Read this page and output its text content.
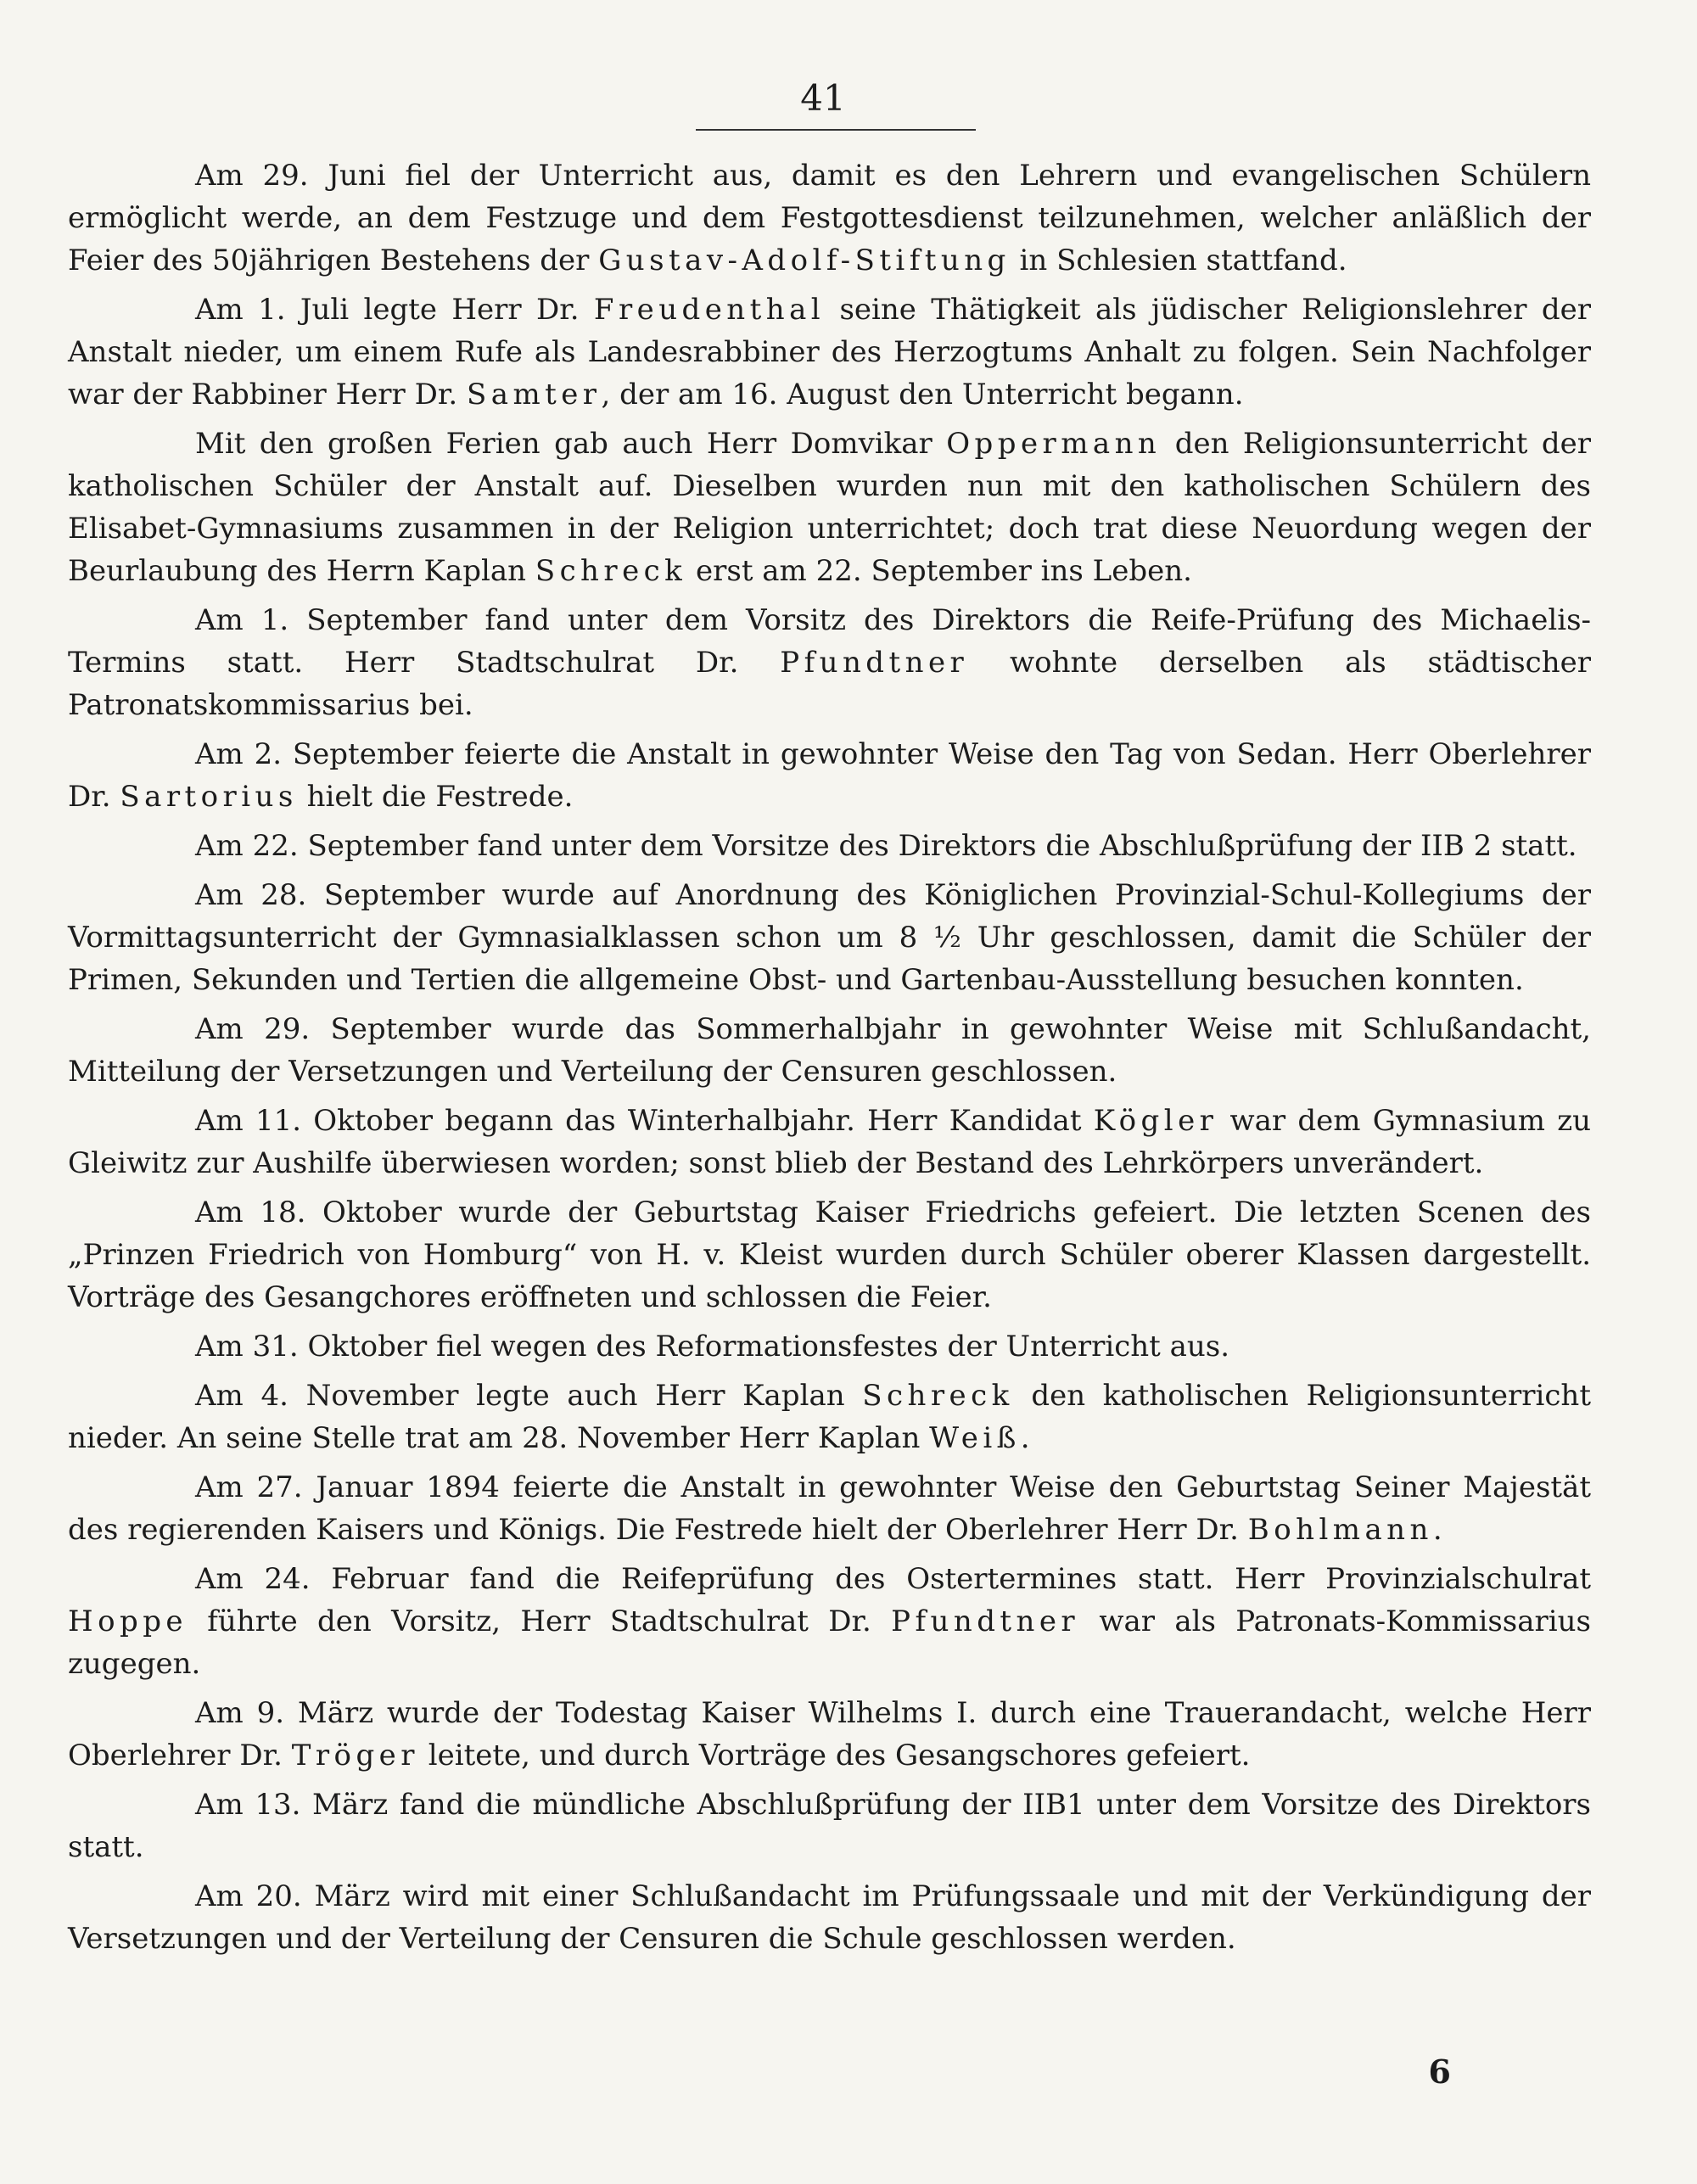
41

Am 29. Juni fiel der Unterricht aus, damit es den Lehrern und evangelischen Schülern ermöglicht werde, an dem Festzuge und dem Festgottesdienst teilzunehmen, welcher anläßlich der Feier des 50jährigen Bestehens der Gustav-Adolf-Stiftung in Schlesien stattfand.

Am 1. Juli legte Herr Dr. Freudenthal seine Thätigkeit als jüdischer Religionslehrer der Anstalt nieder, um einem Rufe als Landesrabbiner des Herzogtums Anhalt zu folgen. Sein Nachfolger war der Rabbiner Herr Dr. Samter, der am 16. August den Unterricht begann.

Mit den großen Ferien gab auch Herr Domvikar Oppermann den Religionsunterricht der katholischen Schüler der Anstalt auf. Dieselben wurden nun mit den katholischen Schülern des Elisabet-Gymnasiums zusammen in der Religion unterrichtet; doch trat diese Neuordung wegen der Beurlaubung des Herrn Kaplan Schreck erst am 22. September ins Leben.

Am 1. September fand unter dem Vorsitz des Direktors die Reife-Prüfung des Michaelis-Termins statt. Herr Stadtschulrat Dr. Pfundtner wohnte derselben als städtischer Patronatskommissarius bei.

Am 2. September feierte die Anstalt in gewohnter Weise den Tag von Sedan. Herr Oberlehrer Dr. Sartorius hielt die Festrede.

Am 22. September fand unter dem Vorsitze des Direktors die Abschlußprüfung der IIB 2 statt.

Am 28. September wurde auf Anordnung des Königlichen Provinzial-Schul-Kollegiums der Vormittagsunterricht der Gymnasialklassen schon um 8 ½ Uhr geschlossen, damit die Schüler der Primen, Sekunden und Tertien die allgemeine Obst- und Gartenbau-Ausstellung besuchen konnten.

Am 29. September wurde das Sommerhalbjahr in gewohnter Weise mit Schlußandacht, Mitteilung der Versetzungen und Verteilung der Censuren geschlossen.

Am 11. Oktober begann das Winterhalbjahr. Herr Kandidat Kögler war dem Gymnasium zu Gleiwitz zur Aushilfe überwiesen worden; sonst blieb der Bestand des Lehrkörpers unverändert.

Am 18. Oktober wurde der Geburtstag Kaiser Friedrichs gefeiert. Die letzten Scenen des „Prinzen Friedrich von Homburg“ von H. v. Kleist wurden durch Schüler oberer Klassen dargestellt. Vorträge des Gesangchores eröffneten und schlossen die Feier.

Am 31. Oktober fiel wegen des Reformationsfestes der Unterricht aus.

Am 4. November legte auch Herr Kaplan Schreck den katholischen Religionsunterricht nieder. An seine Stelle trat am 28. November Herr Kaplan Weiß.

Am 27. Januar 1894 feierte die Anstalt in gewohnter Weise den Geburtstag Seiner Majestät des regierenden Kaisers und Königs. Die Festrede hielt der Oberlehrer Herr Dr. Bohlmann.

Am 24. Februar fand die Reifeprüfung des Ostertermines statt. Herr Provinzialschulrat Hoppe führte den Vorsitz, Herr Stadtschulrat Dr. Pfundtner war als Patronats-Kommissarius zugegen.

Am 9. März wurde der Todestag Kaiser Wilhelms I. durch eine Trauerandacht, welche Herr Oberlehrer Dr. Tröger leitete, und durch Vorträge des Gesangschores gefeiert.

Am 13. März fand die mündliche Abschlußprüfung der IIB1 unter dem Vorsitze des Direktors statt.

Am 20. März wird mit einer Schlußandacht im Prüfungssaale und mit der Verkündigung der Versetzungen und der Verteilung der Censuren die Schule geschlossen werden.

6
